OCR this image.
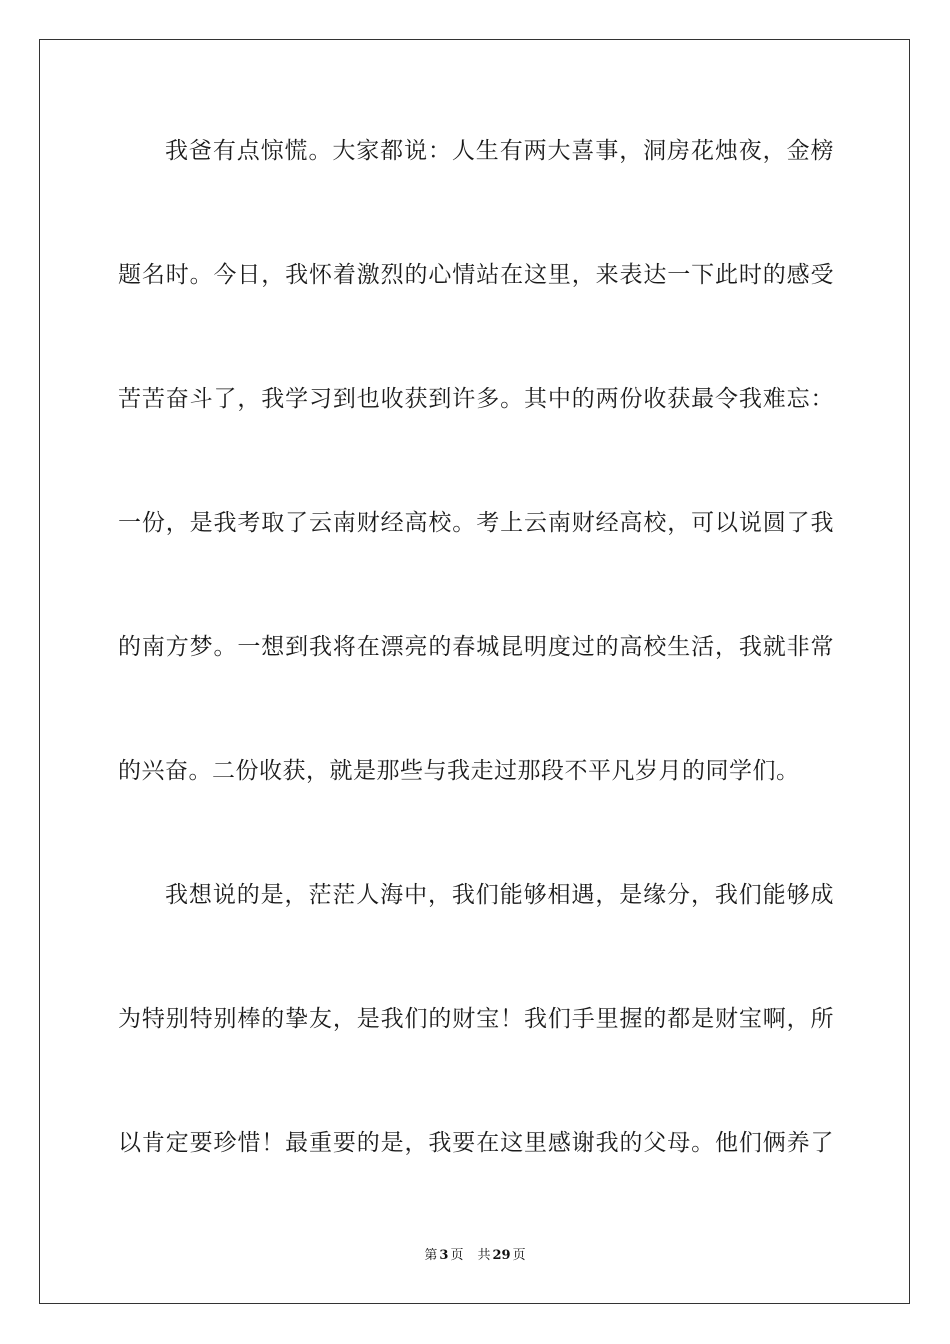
我爸有点惊慌。大家都说：人生有两大喜事，洞房花烛夜，金榜
题名时。今日，我怀着激烈的心情站在这里，来表达一下此时的感受
苦苦奋斗了，我学习到也收获到许多。其中的两份收获最令我难忘：
一份，是我考取了云南财经高校。考上云南财经高校，可以说圆了我
的南方梦。一想到我将在漂亮的春城昆明度过的高校生活，我就非常
的兴奋。二份收获，就是那些与我走过那段不平凡岁月的同学们。
我想说的是，茫茫人海中，我们能够相遇，是缘分，我们能够成
为特别特别棒的挚友，是我们的财宝！我们手里握的都是财宝啊，所
以肯定要珍惜！最重要的是，我要在这里感谢我的父母。他们俩养了
第 3 页 共 29 页
